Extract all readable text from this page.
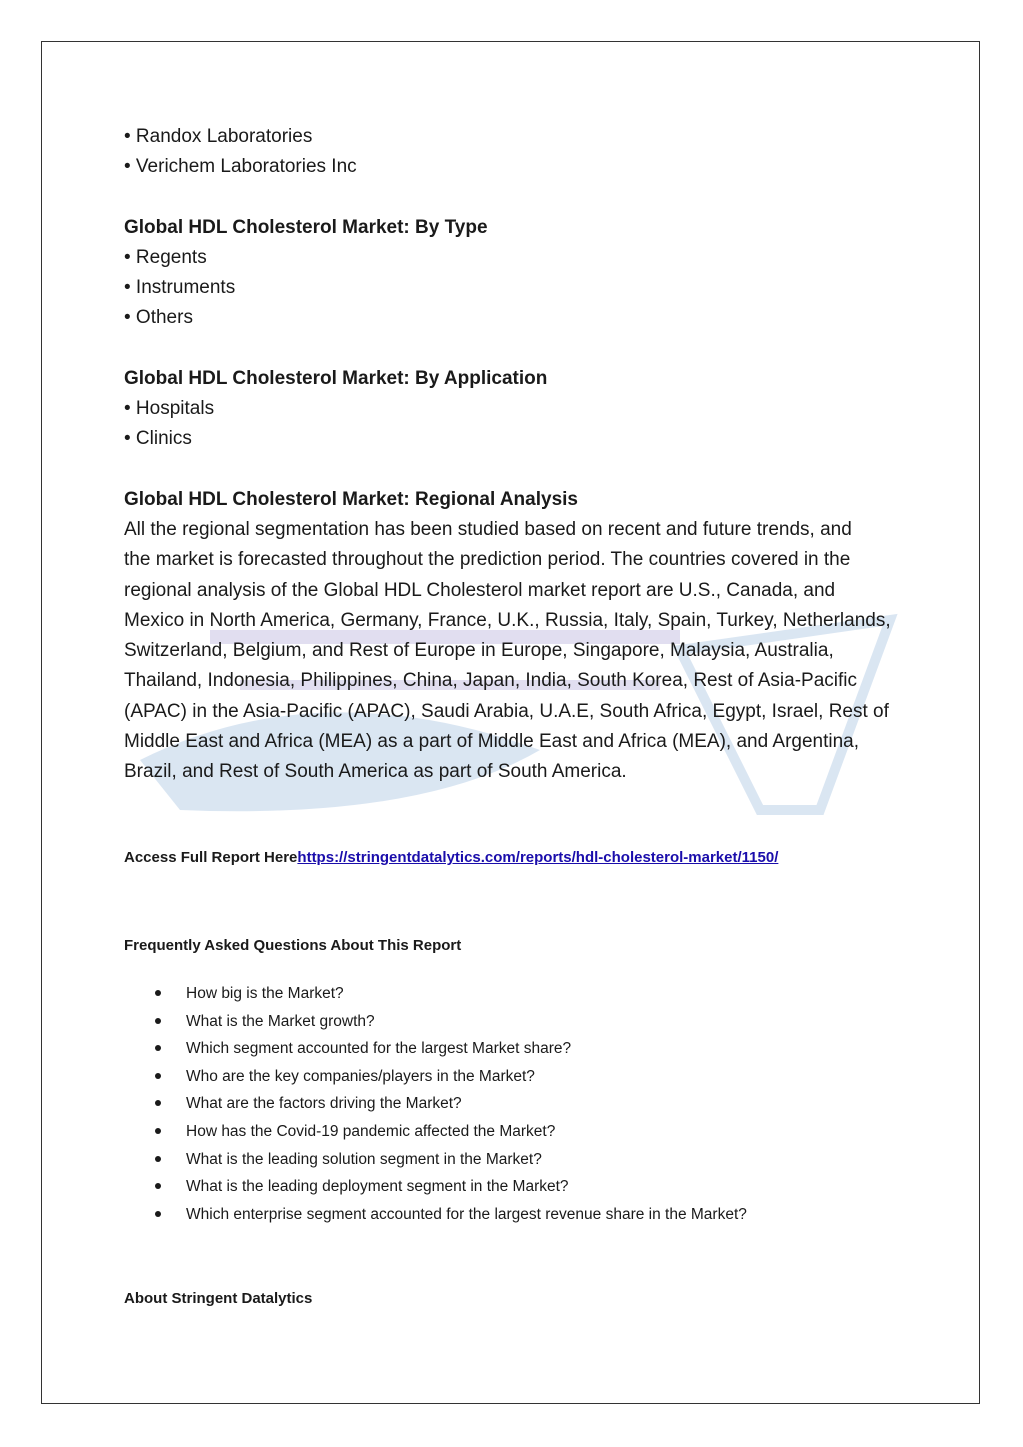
• Randox Laboratories

• Verichem Laboratories Inc

Global HDL Cholesterol Market: By Type

• Regents

• Instruments

• Others

Global HDL Cholesterol Market: By Application

• Hospitals

• Clinics

Global HDL Cholesterol Market: Regional Analysis

All the regional segmentation has been studied based on recent and future trends, and

the market is forecasted throughout the prediction period. The countries covered in the

regional analysis of the Global HDL Cholesterol market report are U.S., Canada, and

Mexico in North America, Germany, France, U.K., Russia, Italy, Spain, Turkey, Netherlands,

Switzerland, Belgium, and Rest of Europe in Europe, Singapore, Malaysia, Australia,

Thailand, Indonesia, Philippines, China, Japan, India, South Korea, Rest of Asia-Pacific

(APAC) in the Asia-Pacific (APAC), Saudi Arabia, U.A.E, South Africa, Egypt, Israel, Rest of

Middle East and Africa (MEA) as a part of Middle East and Africa (MEA), and Argentina,

Brazil, and Rest of South America as part of South America.

Access Full Report Herehttps://stringentdatalytics.com/reports/hdl-cholesterol-market/1150/
Frequently Asked Questions About This Report
How big is the Market?
What is the Market growth?
Which segment accounted for the largest Market share?
Who are the key companies/players in the Market?
What are the factors driving the Market?
How has the Covid-19 pandemic affected the Market?
What is the leading solution segment in the Market?
What is the leading deployment segment in the Market?
Which enterprise segment accounted for the largest revenue share in the Market?
About Stringent Datalytics
